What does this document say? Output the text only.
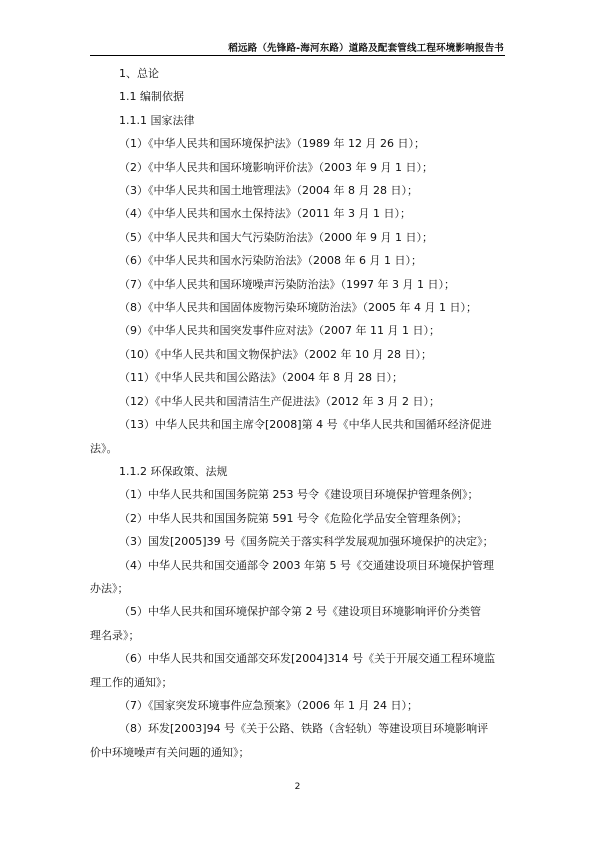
稻远路（先锋路-海河东路）道路及配套管线工程环境影响报告书
1、总论
1.1 编制依据
1.1.1 国家法律
（1）《中华人民共和国环境保护法》（1989 年 12 月 26 日）；
（2）《中华人民共和国环境影响评价法》（2003 年 9 月 1 日）；
（3）《中华人民共和国土地管理法》（2004 年 8 月 28 日）；
（4）《中华人民共和国水土保持法》（2011 年 3 月 1 日）；
（5）《中华人民共和国大气污染防治法》（2000 年 9 月 1 日）；
（6）《中华人民共和国水污染防治法》（2008 年 6 月 1 日）；
（7）《中华人民共和国环境噪声污染防治法》（1997 年 3 月 1 日）；
（8）《中华人民共和国固体废物污染环境防治法》（2005 年 4 月 1 日）；
（9）《中华人民共和国突发事件应对法》（2007 年 11 月 1 日）；
（10）《中华人民共和国文物保护法》（2002 年 10 月 28 日）；
（11）《中华人民共和国公路法》（2004 年 8 月 28 日）；
（12）《中华人民共和国清洁生产促进法》（2012 年 3 月 2 日）；
（13）中华人民共和国主席令[2008]第 4 号《中华人民共和国循环经济促进
法》。
1.1.2 环保政策、法规
（1）中华人民共和国国务院第 253 号令《建设项目环境保护管理条例》；
（2）中华人民共和国国务院第 591 号令《危险化学品安全管理条例》；
（3）国发[2005]39 号《国务院关于落实科学发展观加强环境保护的决定》；
（4）中华人民共和国交通部令 2003 年第 5 号《交通建设项目环境保护管理
办法》；
（5）中华人民共和国环境保护部令第 2 号《建设项目环境影响评价分类管
理名录》；
（6）中华人民共和国交通部交环发[2004]314 号《关于开展交通工程环境监
理工作的通知》；
（7）《国家突发环境事件应急预案》（2006 年 1 月 24 日）；
（8）环发[2003]94 号《关于公路、铁路（含轻轨）等建设项目环境影响评
价中环境噪声有关问题的通知》；
2
